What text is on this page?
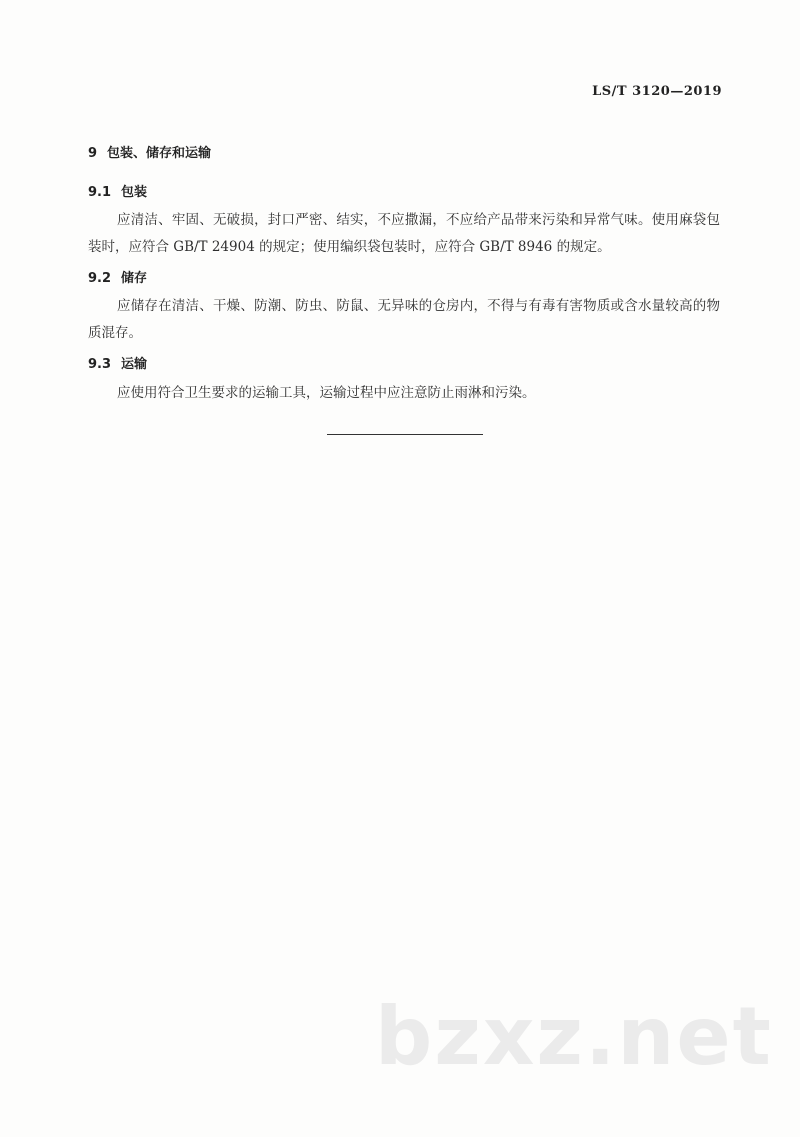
LS/T 3120—2019
9 包装、储存和运输
9.1 包装
应清洁、牢固、无破损，封口严密、结实，不应撒漏，不应给产品带来污染和异常气味。使用麻袋包装时，应符合 GB/T 24904 的规定；使用编织袋包装时，应符合 GB/T 8946 的规定。
9.2 储存
应储存在清洁、干燥、防潮、防虫、防鼠、无异味的仓房内，不得与有毒有害物质或含水量较高的物质混存。
9.3 运输
应使用符合卫生要求的运输工具，运输过程中应注意防止雨淋和污染。
bzxz.net
